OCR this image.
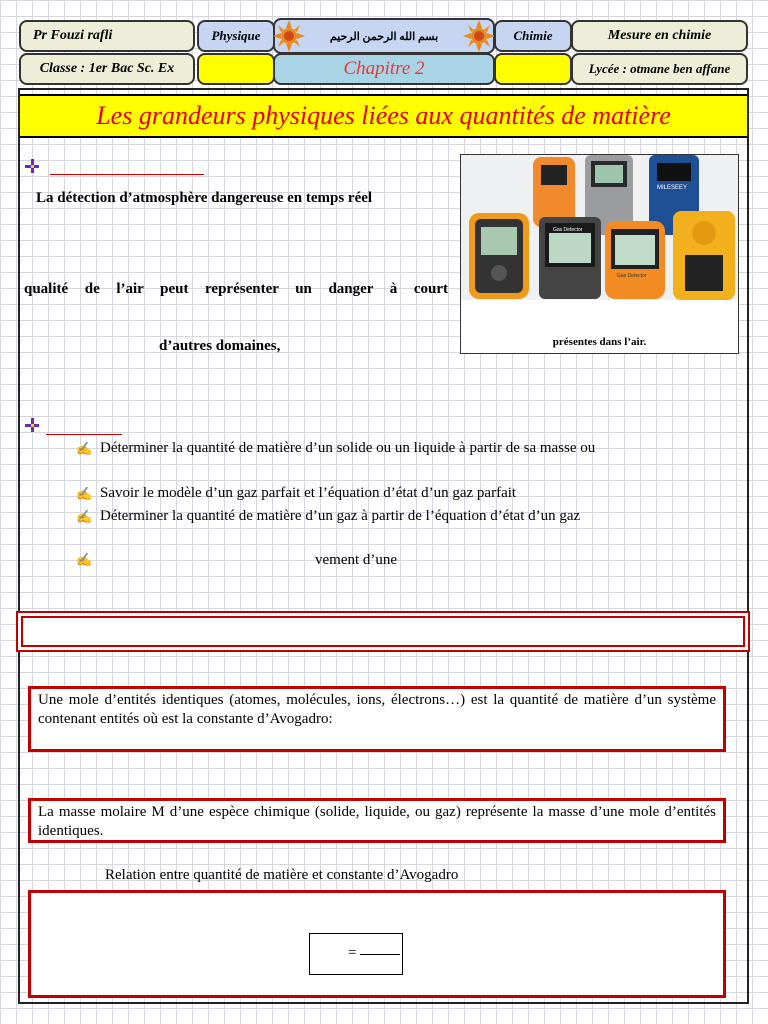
Pr Fouzi rafli	Physique	بسم الله الرحمن الرحيم	Chimie	Mesure en chimie
Classe : 1er Bac Sc. Ex	Chapitre 2	Lycée : otmane ben affane
Les grandeurs physiques liées aux quantités de matière
La détection d’atmosphère dangereuse en temps réel
qualité de l’air peut représenter un danger à court
d’autres domaines,
MILESEEY
Gas Detector
Gas Detector
présentes dans l’air.
✍ Déterminer la quantité de matière d’un solide ou un liquide à partir de sa masse ou
✍ Savoir le modèle d’un gaz parfait et l’équation d’état d’un gaz parfait
✍ Déterminer la quantité de matière d’un gaz à partir de l’équation d’état d’un gaz
✍	vement d’une
Une mole d’entités identiques (atomes, molécules, ions, électrons…) est la quantité de matière d’un système contenant entités où est la constante d’Avogadro:
La masse molaire M d’une espèce chimique (solide, liquide, ou gaz) représente la masse d’une mole d’entités identiques.
Relation entre quantité de matière et constante d’Avogadro
=
